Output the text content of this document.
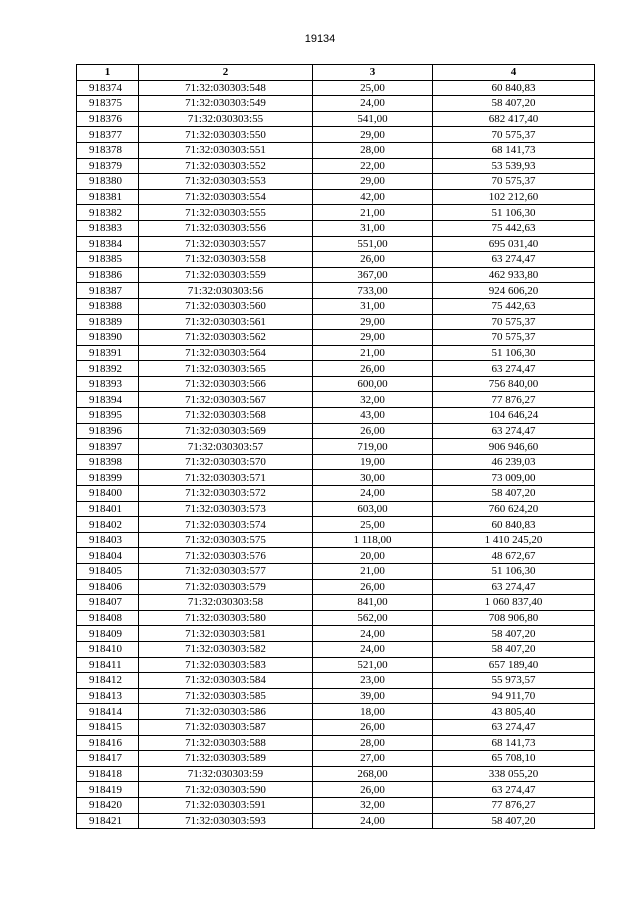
19134
1	2	3	4
918374	71:32:030303:548	25,00	60 840,83
918375	71:32:030303:549	24,00	58 407,20
918376	71:32:030303:55	541,00	682 417,40
918377	71:32:030303:550	29,00	70 575,37
918378	71:32:030303:551	28,00	68 141,73
918379	71:32:030303:552	22,00	53 539,93
918380	71:32:030303:553	29,00	70 575,37
918381	71:32:030303:554	42,00	102 212,60
918382	71:32:030303:555	21,00	51 106,30
918383	71:32:030303:556	31,00	75 442,63
918384	71:32:030303:557	551,00	695 031,40
918385	71:32:030303:558	26,00	63 274,47
918386	71:32:030303:559	367,00	462 933,80
918387	71:32:030303:56	733,00	924 606,20
918388	71:32:030303:560	31,00	75 442,63
918389	71:32:030303:561	29,00	70 575,37
918390	71:32:030303:562	29,00	70 575,37
918391	71:32:030303:564	21,00	51 106,30
918392	71:32:030303:565	26,00	63 274,47
918393	71:32:030303:566	600,00	756 840,00
918394	71:32:030303:567	32,00	77 876,27
918395	71:32:030303:568	43,00	104 646,24
918396	71:32:030303:569	26,00	63 274,47
918397	71:32:030303:57	719,00	906 946,60
918398	71:32:030303:570	19,00	46 239,03
918399	71:32:030303:571	30,00	73 009,00
918400	71:32:030303:572	24,00	58 407,20
918401	71:32:030303:573	603,00	760 624,20
918402	71:32:030303:574	25,00	60 840,83
918403	71:32:030303:575	1 118,00	1 410 245,20
918404	71:32:030303:576	20,00	48 672,67
918405	71:32:030303:577	21,00	51 106,30
918406	71:32:030303:579	26,00	63 274,47
918407	71:32:030303:58	841,00	1 060 837,40
918408	71:32:030303:580	562,00	708 906,80
918409	71:32:030303:581	24,00	58 407,20
918410	71:32:030303:582	24,00	58 407,20
918411	71:32:030303:583	521,00	657 189,40
918412	71:32:030303:584	23,00	55 973,57
918413	71:32:030303:585	39,00	94 911,70
918414	71:32:030303:586	18,00	43 805,40
918415	71:32:030303:587	26,00	63 274,47
918416	71:32:030303:588	28,00	68 141,73
918417	71:32:030303:589	27,00	65 708,10
918418	71:32:030303:59	268,00	338 055,20
918419	71:32:030303:590	26,00	63 274,47
918420	71:32:030303:591	32,00	77 876,27
918421	71:32:030303:593	24,00	58 407,20
